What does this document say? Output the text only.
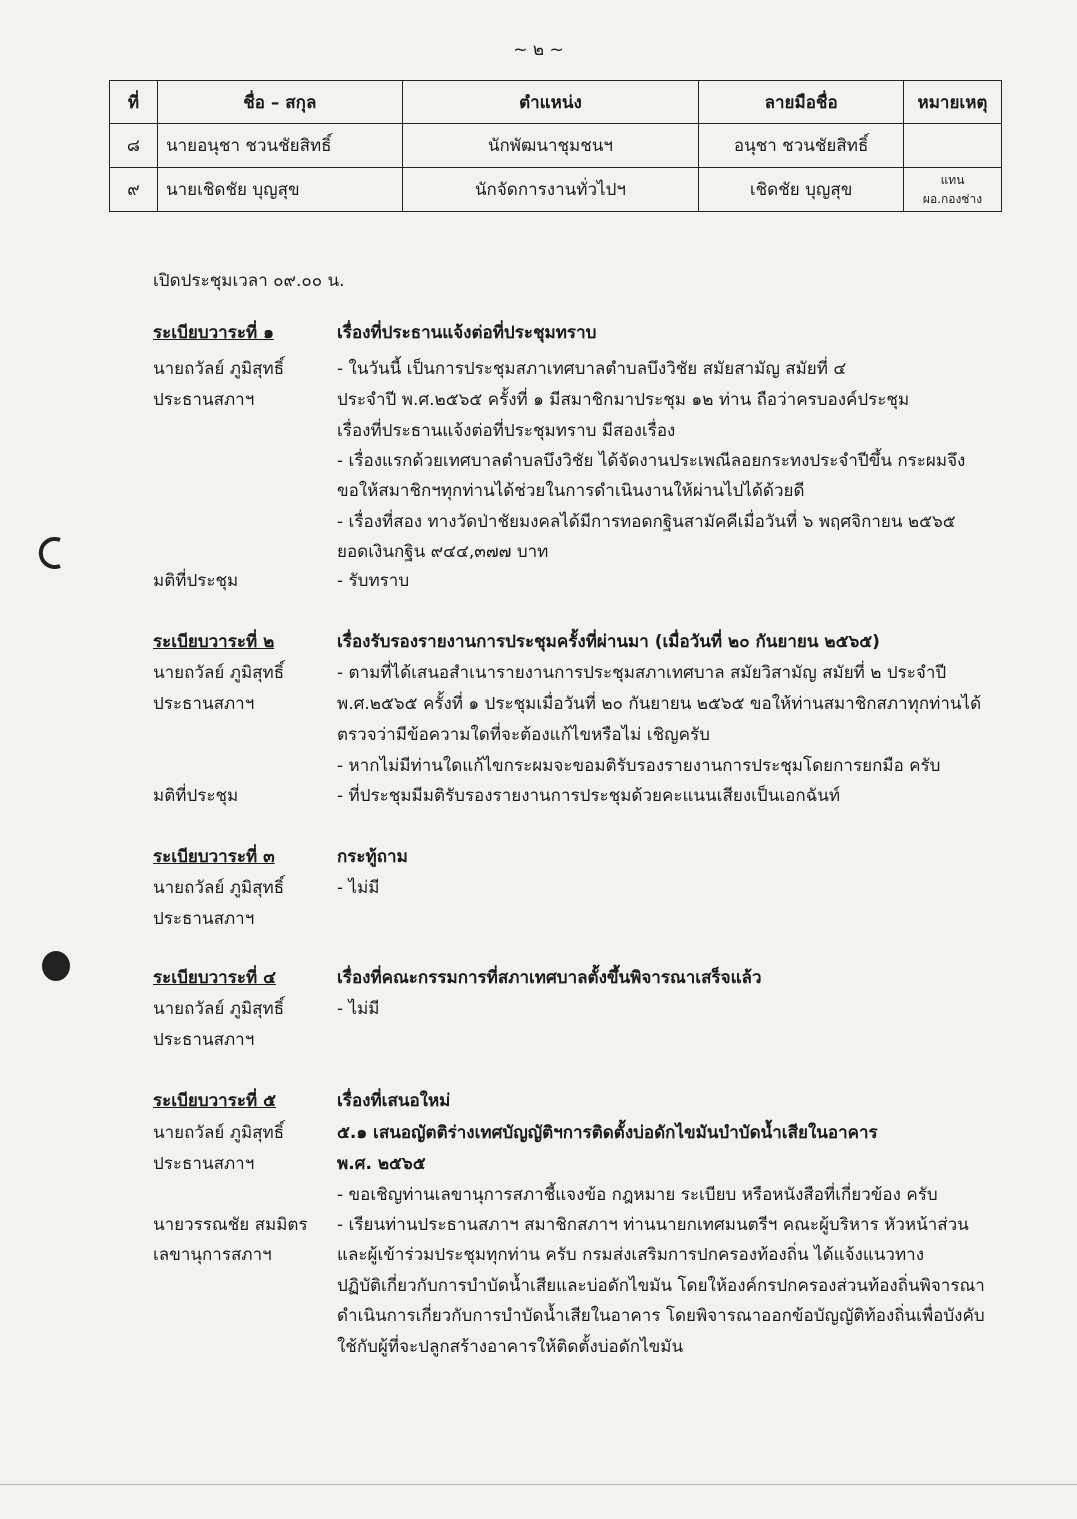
~ ๒ ~
ที่	ชื่อ – สกุล	ตำแหน่ง	ลายมือชื่อ	หมายเหตุ
๘	นายอนุชา ชวนชัยสิทธิ์	นักพัฒนาชุมชนฯ	อนุชา ชวนชัยสิทธิ์	

๙	นายเชิดชัย บุญสุข	นักจัดการงานทั่วไปฯ	เชิดชัย บุญสุข	แทน
ผอ.กองช่าง
เปิดประชุมเวลา ๐๙.๐๐ น.
ระเบียบวาระที่ ๑	เรื่องที่ประธานแจ้งต่อที่ประชุมทราบ
นายถวัลย์ ภูมิสุทธิ์
ประธานสภาฯ
- ในวันนี้ เป็นการประชุมสภาเทศบาลตำบลบึงวิชัย สมัยสามัญ สมัยที่ ๔
ประจำปี พ.ศ.๒๕๖๕ ครั้งที่ ๑ มีสมาชิกมาประชุม ๑๒ ท่าน ถือว่าครบองค์ประชุม
เรื่องที่ประธานแจ้งต่อที่ประชุมทราบ มีสองเรื่อง
- เรื่องแรกด้วยเทศบาลตำบลบึงวิชัย ได้จัดงานประเพณีลอยกระทงประจำปีขึ้น กระผมจึง
ขอให้สมาชิกฯทุกท่านได้ช่วยในการดำเนินงานให้ผ่านไปได้ด้วยดี
- เรื่องที่สอง ทางวัดป่าชัยมงคลได้มีการทอดกฐินสามัคคีเมื่อวันที่ ๖ พฤศจิกายน ๒๕๖๕
ยอดเงินกฐิน ๙๔๔,๓๗๗ บาท
มติที่ประชุม	- รับทราบ
ระเบียบวาระที่ ๒	เรื่องรับรองรายงานการประชุมครั้งที่ผ่านมา (เมื่อวันที่ ๒๐ กันยายน ๒๕๖๕)
นายถวัลย์ ภูมิสุทธิ์
ประธานสภาฯ
- ตามที่ได้เสนอสำเนารายงานการประชุมสภาเทศบาล สมัยวิสามัญ สมัยที่ ๒ ประจำปี
พ.ศ.๒๕๖๕ ครั้งที่ ๑ ประชุมเมื่อวันที่ ๒๐ กันยายน ๒๕๖๕ ขอให้ท่านสมาชิกสภาทุกท่านได้
ตรวจว่ามีข้อความใดที่จะต้องแก้ไขหรือไม่ เชิญครับ
- หากไม่มีท่านใดแก้ไขกระผมจะขอมติรับรองรายงานการประชุมโดยการยกมือ ครับ
มติที่ประชุม	- ที่ประชุมมีมติรับรองรายงานการประชุมด้วยคะแนนเสียงเป็นเอกฉันท์
ระเบียบวาระที่ ๓	กระทู้ถาม
นายถวัลย์ ภูมิสุทธิ์
ประธานสภาฯ
- ไม่มี
ระเบียบวาระที่ ๔	เรื่องที่คณะกรรมการที่สภาเทศบาลตั้งขึ้นพิจารณาเสร็จแล้ว
นายถวัลย์ ภูมิสุทธิ์
ประธานสภาฯ
- ไม่มี
ระเบียบวาระที่ ๕	เรื่องที่เสนอใหม่
นายถวัลย์ ภูมิสุทธิ์
ประธานสภาฯ
๕.๑ เสนอญัตติร่างเทศบัญญัติฯการติดตั้งบ่อดักไขมันบำบัดน้ำเสียในอาคาร
พ.ศ. ๒๕๖๕
- ขอเชิญท่านเลขานุการสภาชี้แจงข้อ กฎหมาย ระเบียบ หรือหนังสือที่เกี่ยวข้อง ครับ
นายวรรณชัย สมมิตร
เลขานุการสภาฯ
- เรียนท่านประธานสภาฯ สมาชิกสภาฯ ท่านนายกเทศมนตรีฯ คณะผู้บริหาร หัวหน้าส่วน
และผู้เข้าร่วมประชุมทุกท่าน ครับ กรมส่งเสริมการปกครองท้องถิ่น ได้แจ้งแนวทาง
ปฏิบัติเกี่ยวกับการบำบัดน้ำเสียและบ่อดักไขมัน โดยให้องค์กรปกครองส่วนท้องถิ่นพิจารณา
ดำเนินการเกี่ยวกับการบำบัดน้ำเสียในอาคาร โดยพิจารณาออกข้อบัญญัติท้องถิ่นเพื่อบังคับ
ใช้กับผู้ที่จะปลูกสร้างอาคารให้ติดตั้งบ่อดักไขมัน
